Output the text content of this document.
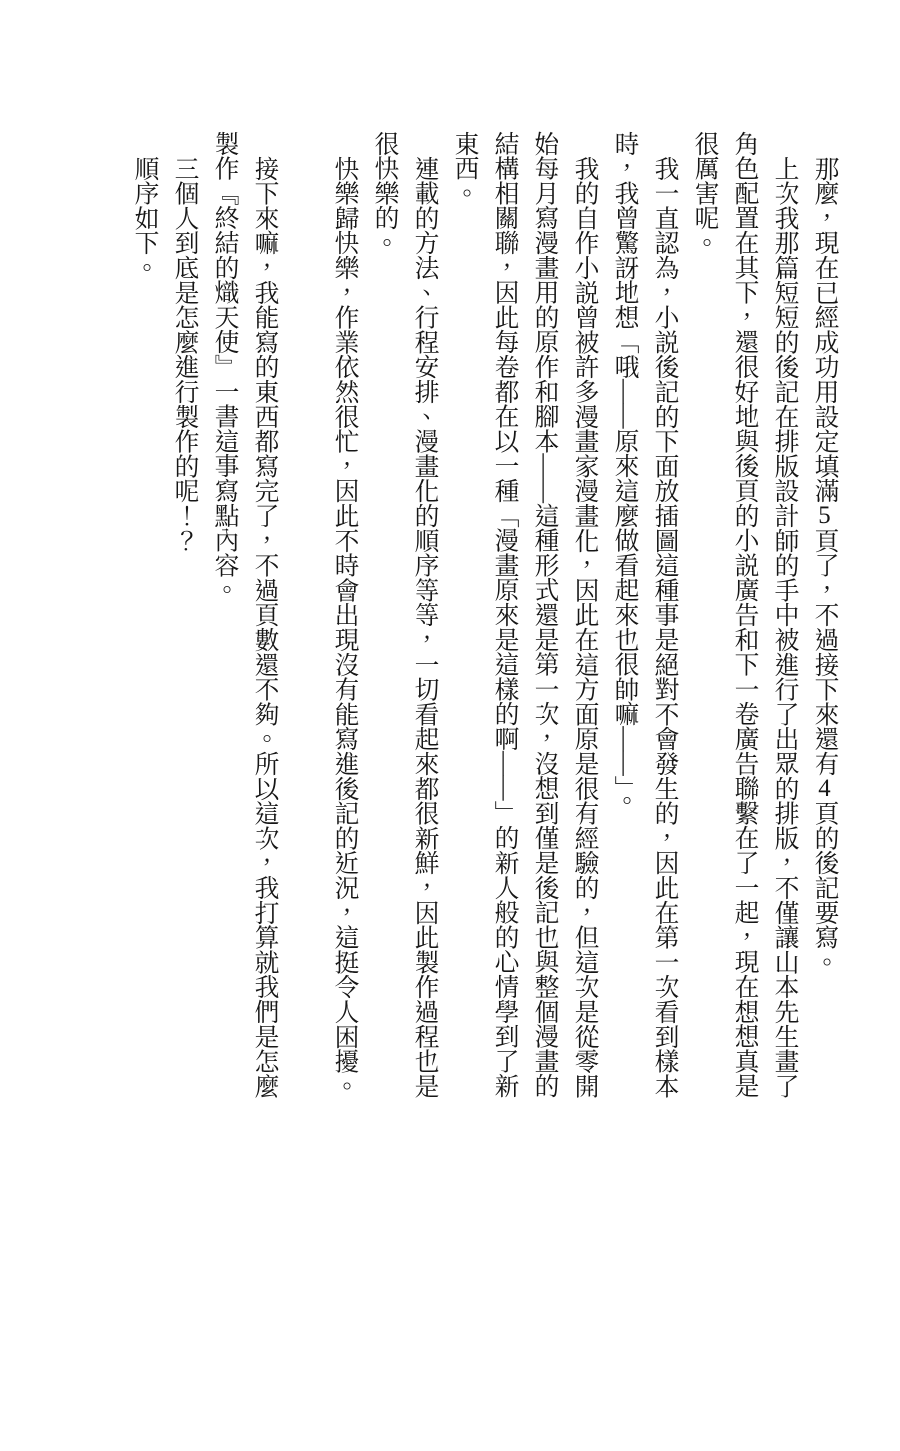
那麼，現在已經成功用設定填滿5頁了，不過接下來還有4頁的後記要寫。

上次我那篇短短的後記在排版設計師的手中被進行了出眾的排版，不僅讓山本先生畫了角色配置在其下，還很好地與後頁的小説廣告和下一卷廣告聯繫在了一起，現在想想真是很厲害呢。

我一直認為，小説後記的下面放插圖這種事是絕對不會發生的，因此在第一次看到樣本時，我曾驚訝地想「哦——原來這麼做看起來也很帥嘛——」。

我的自作小説曾被許多漫畫家漫畫化，因此在這方面原是很有經驗的，但這次是從零開始每月寫漫畫用的原作和腳本——這種形式還是第一次，沒想到僅是後記也與整個漫畫的結構相關聯，因此每卷都在以一種「漫畫原來是這樣的啊——」的新人般的心情學到了新東西。

連載的方法、行程安排、漫畫化的順序等等，一切看起來都很新鮮，因此製作過程也是很快樂的。

快樂歸快樂，作業依然很忙，因此不時會出現沒有能寫進後記的近況，這挺令人困擾。

接下來嘛，我能寫的東西都寫完了，不過頁數還不夠。所以這次，我打算就我們是怎麼製作『終結的熾天使』一書這事寫點內容。

三個人到底是怎麼進行製作的呢！？

順序如下。
